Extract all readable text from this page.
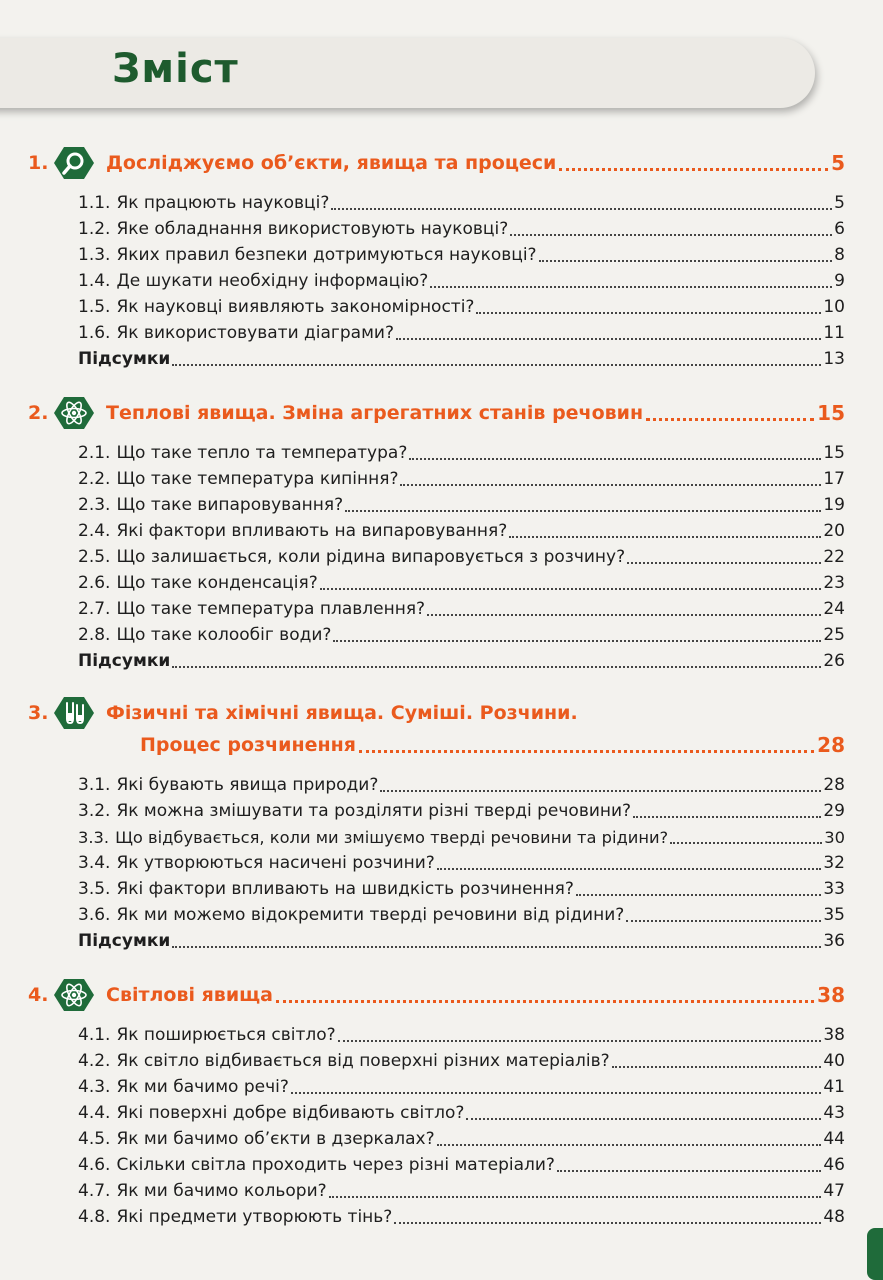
Зміст
1.	Досліджуємо об’єкти, явища та процеси	5
1.1. Як працюють науковці?	5
1.2. Яке обладнання використовують науковці?	6
1.3. Яких правил безпеки дотримуються науковці?	8
1.4. Де шукати необхідну інформацію?	9
1.5. Як науковці виявляють закономірності?	10
1.6. Як використовувати діаграми?	11
Підсумки	13
2.	Теплові явища. Зміна агрегатних станів речовин	15
2.1. Що таке тепло та температура?	15
2.2. Що таке температура кипіння?	17
2.3. Що таке випаровування?	19
2.4. Які фактори впливають на випаровування?	20
2.5. Що залишається, коли рідина випаровується з розчину?	22
2.6. Що таке конденсація?	23
2.7. Що таке температура плавлення?	24
2.8. Що таке колообіг води?	25
Підсумки	26
3.	Фізичні та хімічні явища. Суміші. Розчини.
Процес розчинення	28
3.1. Які бувають явища природи?	28
3.2. Як можна змішувати та розділяти різні тверді речовини?	29
3.3. Що відбувається, коли ми змішуємо тверді речовини та рідини?	30
3.4. Як утворюються насичені розчини?	32
3.5. Які фактори впливають на швидкість розчинення?	33
3.6. Як ми можемо відокремити тверді речовини від рідини?	35
Підсумки	36
4.	Світлові явища	38
4.1. Як поширюється світло?	38
4.2. Як світло відбивається від поверхні різних матеріалів?	40
4.3. Як ми бачимо речі?	41
4.4. Які поверхні добре відбивають світло?	43
4.5. Як ми бачимо об’єкти в дзеркалах?	44
4.6. Скільки світла проходить через різні матеріали?	46
4.7. Як ми бачимо кольори?	47
4.8. Які предмети утворюють тінь?	48
